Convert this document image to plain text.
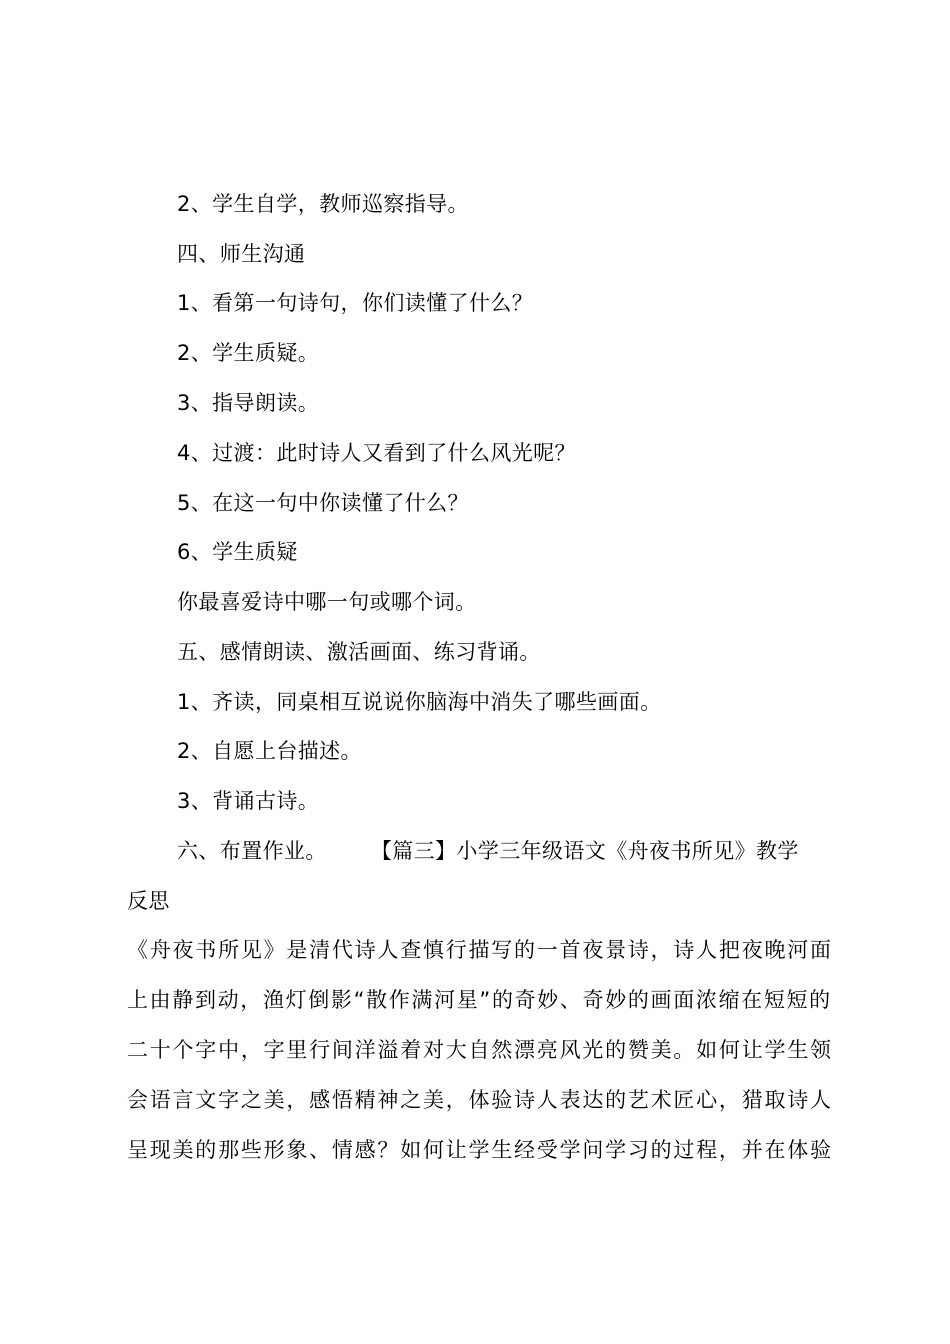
2、学生自学，教师巡察指导。
四、师生沟通
1、看第一句诗句，你们读懂了什么？
2、学生质疑。
3、指导朗读。
4、过渡：此时诗人又看到了什么风光呢？
5、在这一句中你读懂了什么？
6、学生质疑
你最喜爱诗中哪一句或哪个词。
五、感情朗读、激活画面、练习背诵。
1、齐读，同桌相互说说你脑海中消失了哪些画面。
2、自愿上台描述。
3、背诵古诗。
六、布置作业。 【篇三】小学三年级语文《舟夜书所见》教学
反思
《舟夜书所见》是清代诗人查慎行描写的一首夜景诗，诗人把夜晚河面
上由静到动，渔灯倒影“散作满河星”的奇妙、奇妙的画面浓缩在短短的
二十个字中，字里行间洋溢着对大自然漂亮风光的赞美。如何让学生领
会语言文字之美，感悟精神之美，体验诗人表达的艺术匠心，猎取诗人
呈现美的那些形象、情感？如何让学生经受学问学习的过程，并在体验
